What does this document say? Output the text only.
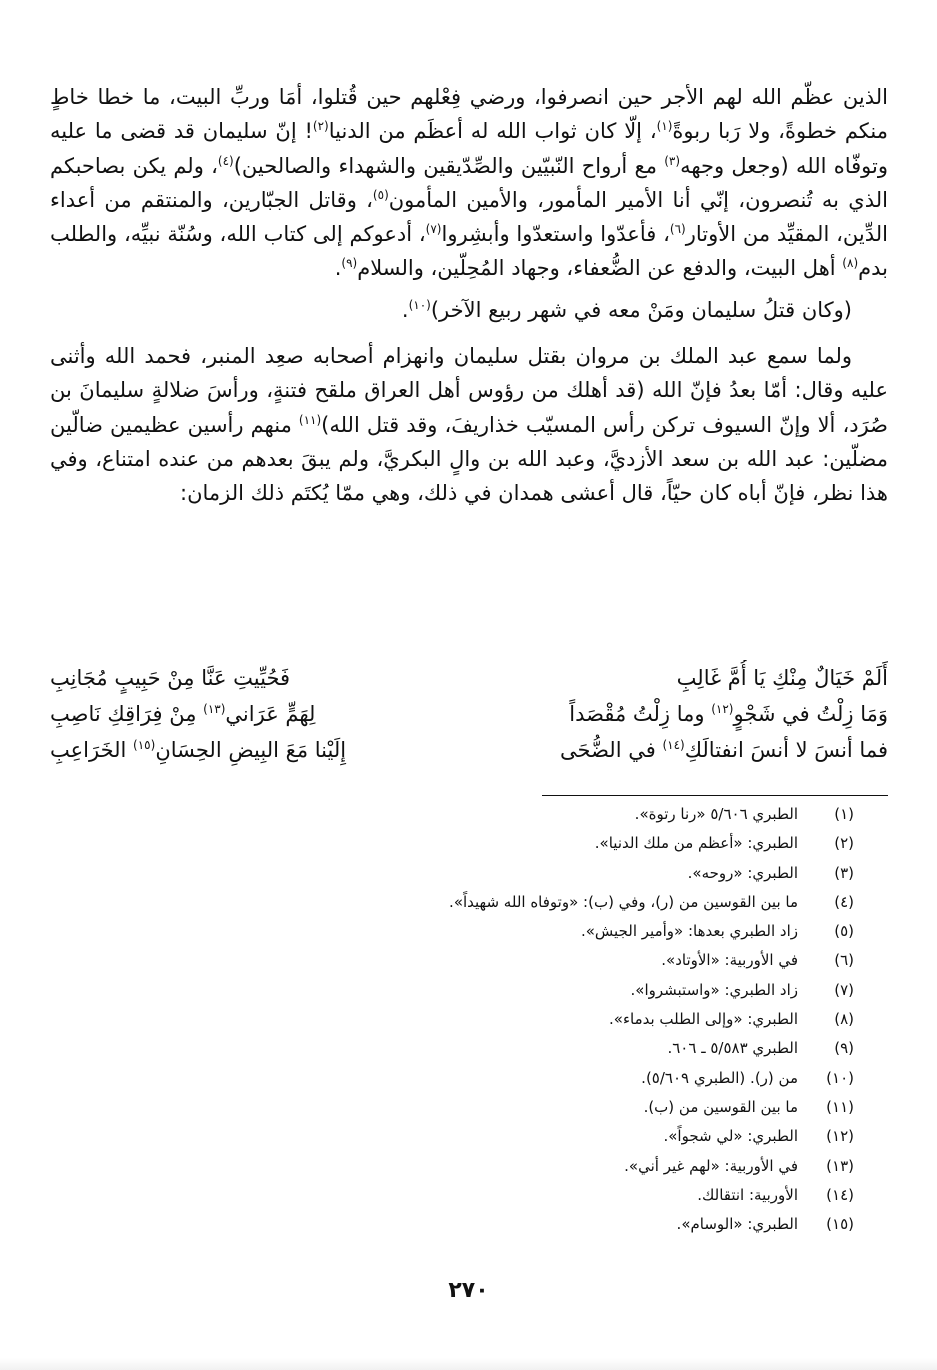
الذين عظّم الله لهم الأجر حين انصرفوا، ورضي فِعْلهم حين قُتلوا، أمَا وربِّ البيت، ما خطا خاطٍ منكم خطوةً، ولا رَبا ربوةً$^{(١)}$، إلّا كان ثواب الله له أعظَم من الدنيا$^{(٢)}$! إنّ سليمان قد قضى ما عليه وتوفّاه الله (وجعل وجهه$^{(٣)}$ مع أرواح النّبيّين والصِّدّيقين والشهداء والصالحين)$^{(٤)}$، ولم يكن بصاحبكم الذي به تُنصرون، إنّي أنا الأمير المأمور، والأمين المأمون$^{(٥)}$، وقاتل الجبّارين، والمنتقم من أعداء الدِّين، المقيِّد من الأوتار$^{(٦)}$، فأعدّوا واستعدّوا وأبشِروا$^{(٧)}$، أدعوكم إلى كتاب الله، وسُنّة نبيِّه، والطلب بدم$^{(٨)}$ أهل البيت، والدفع عن الضُّعفاء، وجهاد المُحِلّين، والسلام$^{(٩)}$.

(وكان قتلُ سليمان ومَنْ معه في شهر ربيع الآخر)$^{(١٠)}$.

ولما سمع عبد الملك بن مروان بقتل سليمان وانهزام أصحابه صعِد المنبر، فحمد الله وأثنى عليه وقال: أمّا بعدُ فإنّ الله (قد أهلك من رؤوس أهل العراق ملقح فتنةٍ، ورأسَ ضلالةٍ سليمانَ بن صُرَد، ألا وإنّ السيوف تركن رأس المسيّب خذاريفَ، وقد قتل الله)$^{(١١)}$ منهم رأسين عظيمين ضالّين مضلّين: عبد الله بن سعد الأزديَّ، وعبد الله بن والٍ البكريَّ، ولم يبقَ بعدهم من عنده امتناع، وفي هذا نظر، فإنّ أباه كان حيّاً، قال أعشى همدان في ذلك، وهي ممّا يُكتَم ذلك الزمان:

أَلَمْ خَيَالٌ مِنْكِ يَا أُمَّ غَالِبِ
فَحُيِّيتِ عَنَّا مِنْ حَبِيبٍ مُجَانِبِ
وَمَا زِلْتُ في شَجْوٍ$^{(١٢)}$ وما زِلْتُ مُقْصَداً
لِهَمٍّ عَرَاني$^{(١٣)}$ مِنْ فِرَاقِكِ نَاصِبِ
فما أنسَ لا أنسَ انفتالَكِ$^{(١٤)}$ في الضُّحَى
إِلَيْنا مَعَ البِيضِ الحِسَانِ$^{(١٥)}$ الخَرَاعِبِ
(١)
الطبري ٥/٦٠٦ «رنا رتوة».
(٢)
الطبري: «أعظم من ملك الدنيا».
(٣)
الطبري: «روحه».
(٤)
ما بين القوسين من (ر)، وفي (ب): «وتوفاه الله شهيداً».
(٥)
زاد الطبري بعدها: «وأمير الجيش».
(٦)
في الأوربية: «الأوتاد».
(٧)
زاد الطبري: «واستبشروا».
(٨)
الطبري: «وإلى الطلب بدماء».
(٩)
الطبري ٥/٥٨٣ ـ ٦٠٦.
(١٠)
من (ر). (الطبري ٥/٦٠٩).
(١١)
ما بين القوسين من (ب).
(١٢)
الطبري: «لي شجواً».
(١٣)
في الأوربية: «لهم غير أني».
(١٤)
الأوربية: انتقالك.
(١٥)
الطبري: «الوسام».
٢٧٠
